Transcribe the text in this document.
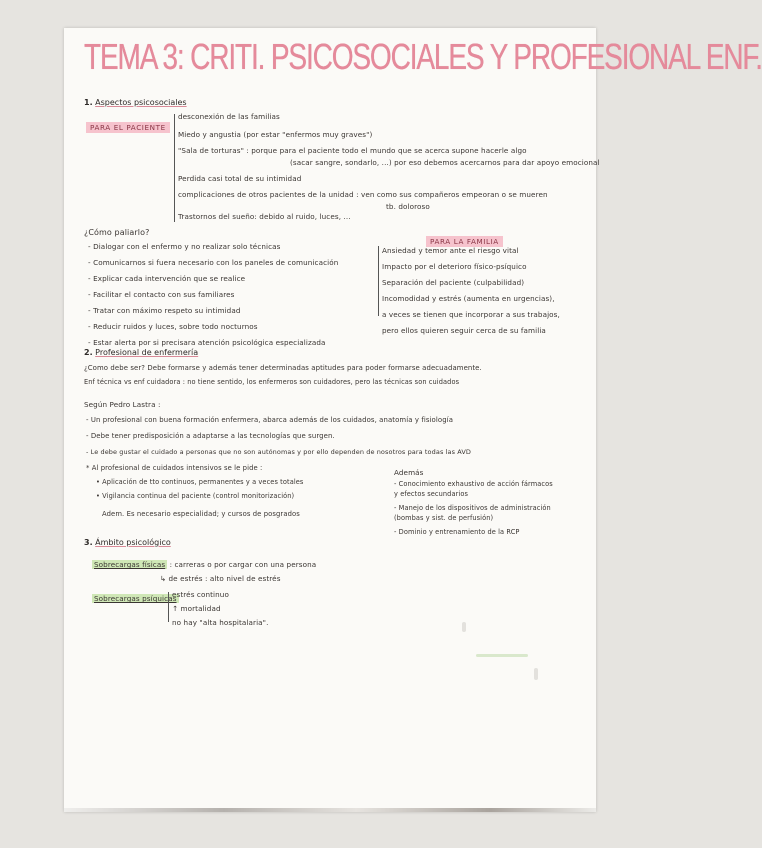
TEMA 3: CRITI. PSICOSOCIALES Y PROFESIONAL ENF.
1. Aspectos psicosociales
PARA EL PACIENTE
desconexión de las familias
Miedo y angustia (por estar "enfermos muy graves")
"Sala de torturas" : porque para el paciente todo el mundo que se acerca supone hacerle algo
(sacar sangre, sondarlo, ...) por eso debemos acercarnos para dar apoyo emocional
Perdida casi total de su intimidad
complicaciones de otros pacientes de la unidad : ven como sus compañeros empeoran o se mueren
tb. doloroso
Trastornos del sueño: debido al ruido, luces, ...
¿Cómo paliarlo?
- Dialogar con el enfermo y no realizar solo técnicas
- Comunicarnos si fuera necesario con los paneles de comunicación
- Explicar cada intervención que se realice
- Facilitar el contacto con sus familiares
- Tratar con máximo respeto su intimidad
- Reducir ruidos y luces, sobre todo nocturnos
- Estar alerta por si precisara atención psicológica especializada
PARA LA FAMILIA
Ansiedad y temor ante el riesgo vital
Impacto por el deterioro físico-psíquico
Separación del paciente (culpabilidad)
Incomodidad y estrés (aumenta en urgencias),
a veces se tienen que incorporar a sus trabajos,
pero ellos quieren seguir cerca de su familia
2. Profesional de enfermería
¿Como debe ser? Debe formarse y además tener determinadas aptitudes para poder formarse adecuadamente.
Enf técnica vs enf cuidadora : no tiene sentido, los enfermeros son cuidadores, pero las técnicas son cuidados
Según Pedro Lastra :
- Un profesional con buena formación enfermera, abarca además de los cuidados, anatomía y fisiología
- Debe tener predisposición a adaptarse a las tecnologías que surgen.
- Le debe gustar el cuidado a personas que no son autónomas y por ello dependen de nosotros para todas las AVD
* Al profesional de cuidados intensivos se le pide :
• Aplicación de tto continuos, permanentes y a veces totales
• Vigilancia continua del paciente (control monitorización)
Adem. Es necesario especialidad; y cursos de posgrados
Además
- Conocimiento exhaustivo de acción fármacos
y efectos secundarios
- Manejo de los dispositivos de administración
(bombas y sist. de perfusión)
- Dominio y entrenamiento de la RCP
3. Ámbito psicológico
Sobrecargas físicas : carreras o por cargar con una persona
↳ de estrés : alto nivel de estrés
Sobrecargas psíquicas
estrés continuo
↑ mortalidad
no hay "alta hospitalaria".
